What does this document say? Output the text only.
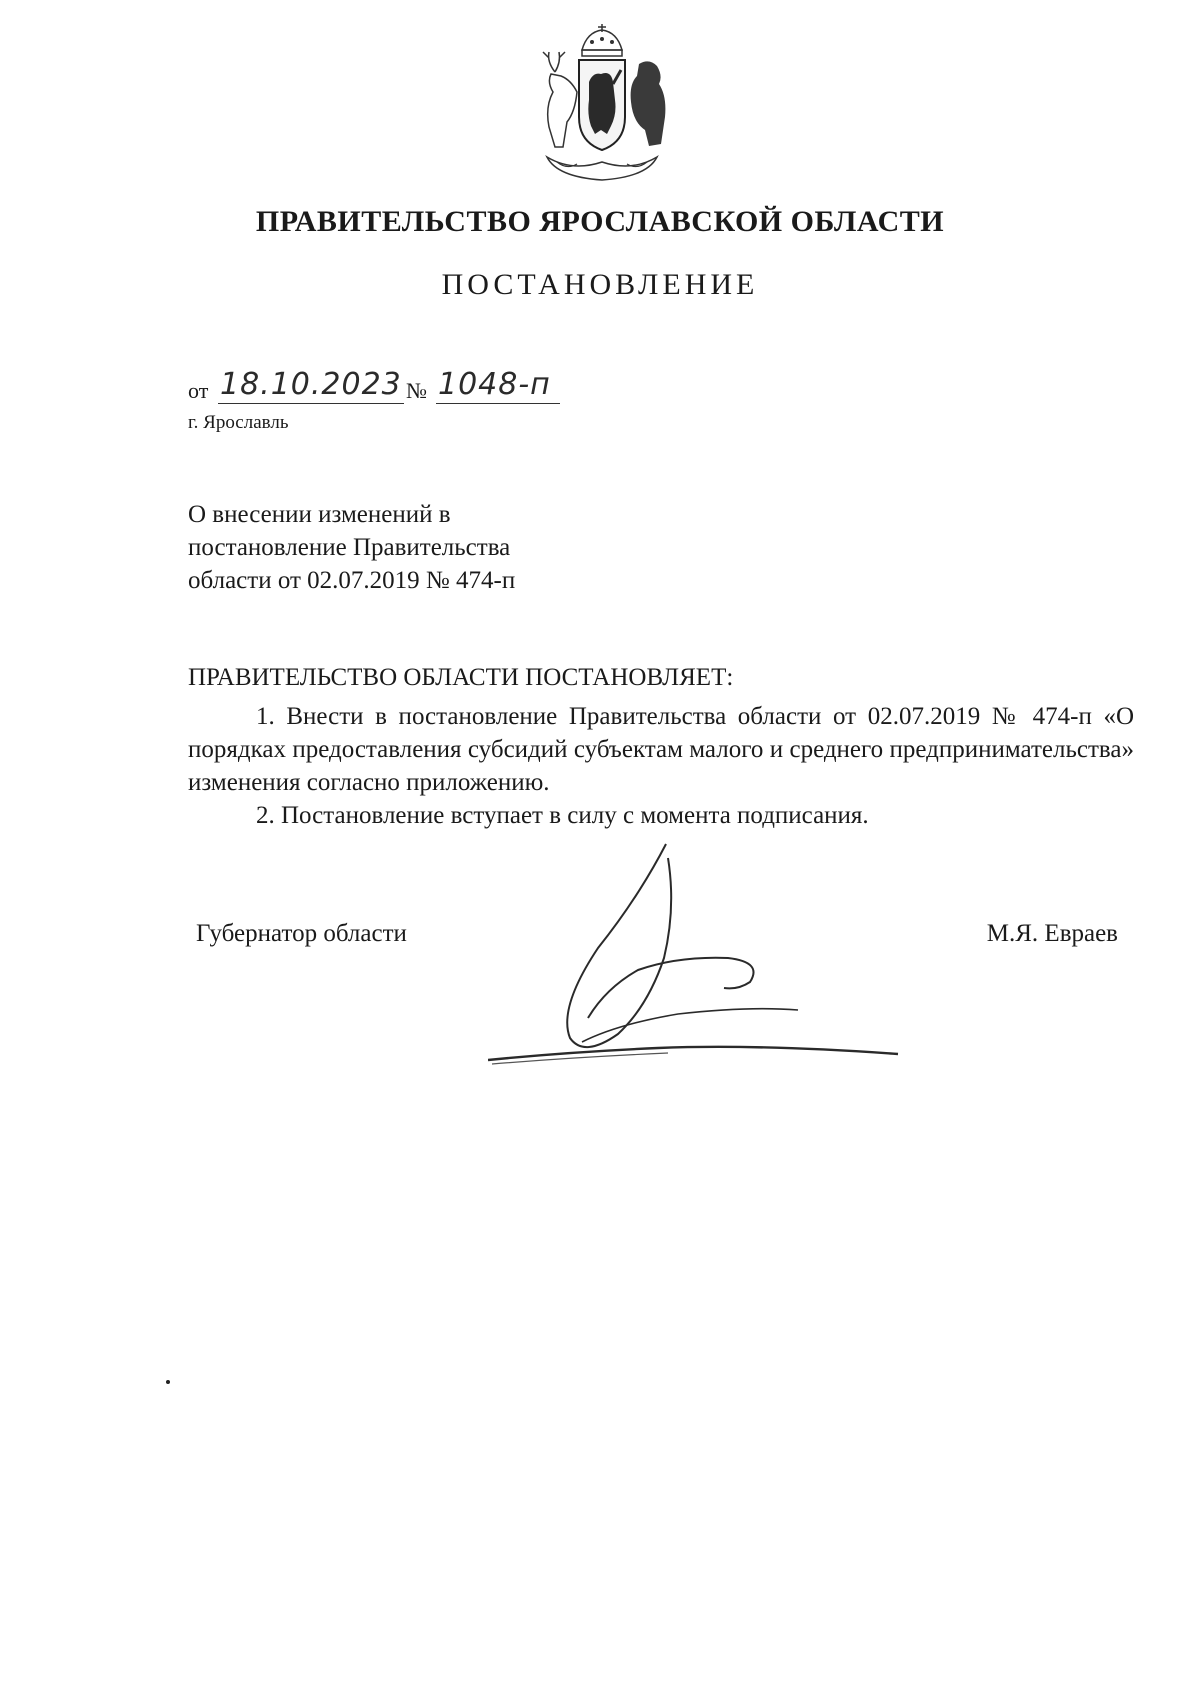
ПРАВИТЕЛЬСТВО ЯРОСЛАВСКОЙ ОБЛАСТИ
ПОСТАНОВЛЕНИЕ
от 18.10.2023 № 1048-п
г. Ярославль
О внесении изменений в
постановление Правительства
области от 02.07.2019 № 474-п
ПРАВИТЕЛЬСТВО ОБЛАСТИ ПОСТАНОВЛЯЕТ:

1. Внести в постановление Правительства области от 02.07.2019 № 474-п «О порядках предоставления субсидий субъектам малого и среднего предпринимательства» изменения согласно приложению.

2. Постановление вступает в силу с момента подписания.

Губернатор области	М.Я. Евраев
